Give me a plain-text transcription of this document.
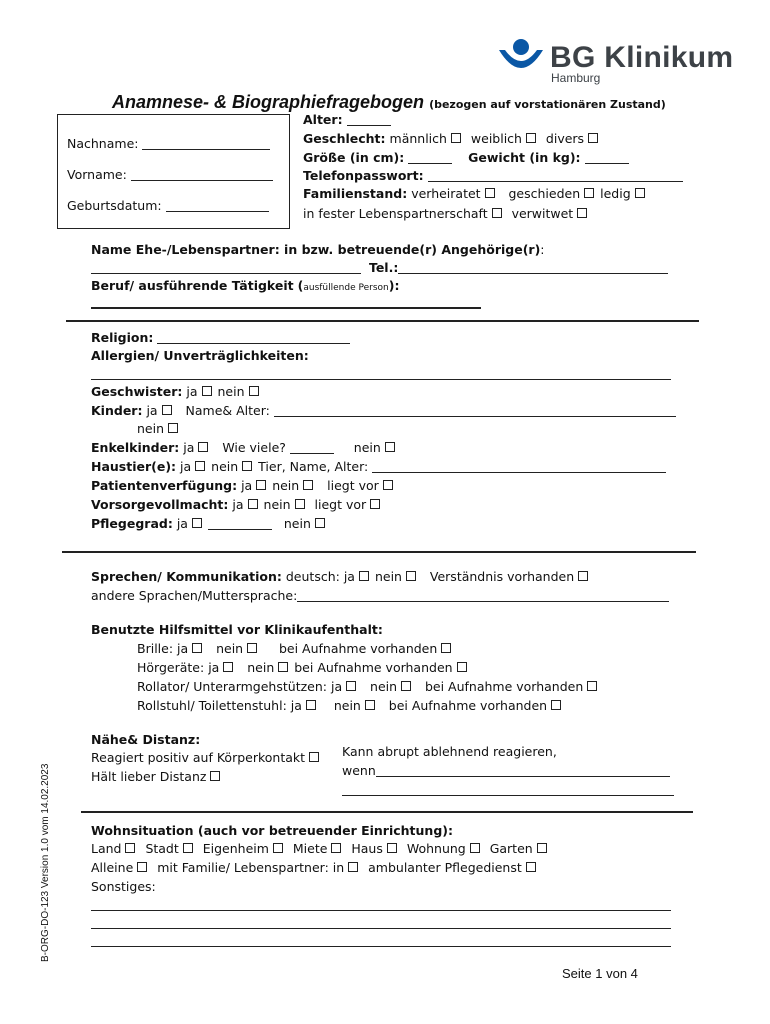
BG Klinikum
Hamburg
Anamnese- & Biographiefragebogen (bezogen auf vorstationären Zustand)
Nachname:
Vorname:
Geburtsdatum:
Alter:
Geschlecht: männlich weiblich divers
Größe (in cm):	Gewicht (in kg):
Telefonpasswort:
Familienstand: verheiratet geschieden ledig
in fester Lebenspartnerschaft verwitwet
Name Ehe-/Lebenspartner: in bzw. betreuende(r) Angehörige(r):
Tel.:
Beruf/ ausführende Tätigkeit (ausfüllende Person):
Religion:
Allergien/ Unverträglichkeiten:
Geschwister: ja nein
Kinder: ja Name& Alter:
nein
Enkelkinder: ja Wie viele?	nein
Haustier(e): ja nein Tier, Name, Alter:
Patientenverfügung: ja nein liegt vor
Vorsorgevollmacht: ja nein liegt vor
Pflegegrad: ja	nein
Sprechen/ Kommunikation: deutsch: ja nein Verständnis vorhanden
andere Sprachen/Muttersprache:
Benutzte Hilfsmittel vor Klinikaufenthalt:
Brille: ja nein	bei Aufnahme vorhanden
Hörgeräte: ja nein bei Aufnahme vorhanden
Rollator/ Unterarmgehstützen: ja nein bei Aufnahme vorhanden
Rollstuhl/ Toilettenstuhl: ja	nein bei Aufnahme vorhanden
Nähe& Distanz:
Reagiert positiv auf Körperkontakt
Hält lieber Distanz
Kann abrupt ablehnend reagieren,
wenn
Wohnsituation (auch vor betreuender Einrichtung):
Land Stadt Eigenheim Miete Haus Wohnung Garten
Alleine mit Familie/ Lebenspartner: in ambulanter Pflegedienst
Sonstiges:
B-ORG-DO-123 Version 1.0 vom 14.02.2023
Seite 1 von 4
